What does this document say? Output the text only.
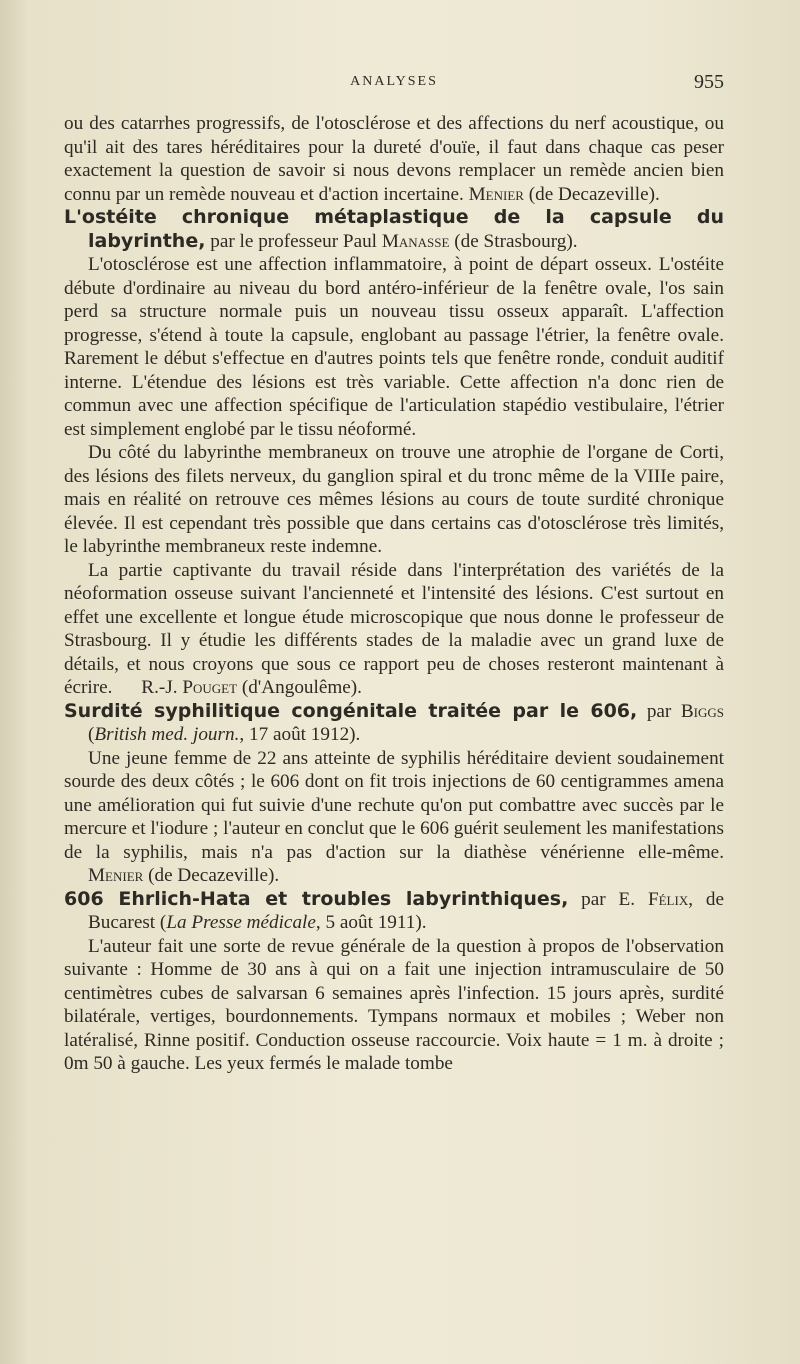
ANALYSES	955

ou des catarrhes progressifs, de l'otosclérose et des affections du nerf acoustique, ou qu'il ait des tares héréditaires pour la dureté d'ouïe, il faut dans chaque cas peser exactement la question de savoir si nous devons remplacer un remède ancien bien connu par un remède nouveau et d'action incertaine. Menier (de Decazeville).

L'ostéite chronique métaplastique de la capsule du labyrinthe, par le professeur Paul Manasse (de Strasbourg).

L'otosclérose est une affection inflammatoire, à point de départ osseux. L'ostéite débute d'ordinaire au niveau du bord antéro-inférieur de la fenêtre ovale, l'os sain perd sa structure normale puis un nouveau tissu osseux apparaît. L'affection progresse, s'étend à toute la capsule, englobant au passage l'étrier, la fenêtre ovale. Rarement le début s'effectue en d'autres points tels que fenêtre ronde, conduit auditif interne. L'étendue des lésions est très variable. Cette affection n'a donc rien de commun avec une affection spécifique de l'articulation stapédio vestibulaire, l'étrier est simplement englobé par le tissu néoformé.

Du côté du labyrinthe membraneux on trouve une atrophie de l'organe de Corti, des lésions des filets nerveux, du ganglion spiral et du tronc même de la VIIIe paire, mais en réalité on retrouve ces mêmes lésions au cours de toute surdité chronique élevée. Il est cependant très possible que dans certains cas d'otosclérose très limités, le labyrinthe membraneux reste indemne.

La partie captivante du travail réside dans l'interprétation des variétés de la néoformation osseuse suivant l'ancienneté et l'intensité des lésions. C'est surtout en effet une excellente et longue étude microscopique que nous donne le professeur de Strasbourg. Il y étudie les différents stades de la maladie avec un grand luxe de détails, et nous croyons que sous ce rapport peu de choses resteront maintenant à écrire. R.-J. Pouget (d'Angoulême).

Surdité syphilitique congénitale traitée par le 606, par Biggs (British med. journ., 17 août 1912).

Une jeune femme de 22 ans atteinte de syphilis héréditaire devient soudainement sourde des deux côtés ; le 606 dont on fit trois injections de 60 centigrammes amena une amélioration qui fut suivie d'une rechute qu'on put combattre avec succès par le mercure et l'iodure ; l'auteur en conclut que le 606 guérit seulement les manifestations de la syphilis, mais n'a pas d'action sur la diathèse vénérienne elle-même. Menier (de Decazeville).

606 Ehrlich-Hata et troubles labyrinthiques, par E. Félix, de Bucarest (La Presse médicale, 5 août 1911).

L'auteur fait une sorte de revue générale de la question à propos de l'observation suivante : Homme de 30 ans à qui on a fait une injection intramusculaire de 50 centimètres cubes de salvarsan 6 semaines après l'infection. 15 jours après, surdité bilatérale, vertiges, bourdonnements. Tympans normaux et mobiles ; Weber non latéralisé, Rinne positif. Conduction osseuse raccourcie. Voix haute = 1 m. à droite ; 0m 50 à gauche. Les yeux fermés le malade tombe
